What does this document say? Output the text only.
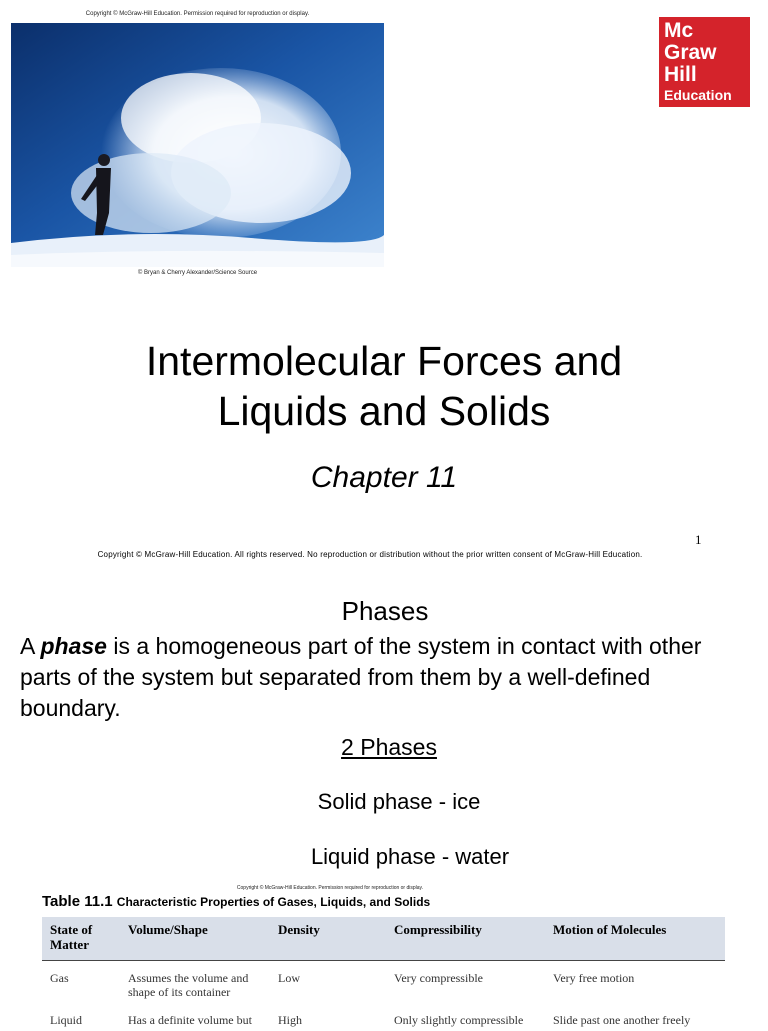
Copyright © McGraw-Hill Education. Permission required for reproduction or display.
© Bryan & Cherry Alexander/Science Source
Mc
Graw
Hill
Education
Intermolecular Forces and
Liquids and Solids
Chapter 11
1
Copyright © McGraw-Hill Education. All rights reserved. No reproduction or distribution without the prior written consent of McGraw-Hill Education.
Phases
A phase is a homogeneous part of the system in contact with other parts of the system but separated from them by a well-defined boundary.
2 Phases
Solid phase - ice
Liquid phase - water
Copyright © McGraw-Hill Education. Permission required for reproduction or display.
Table 11.1 Characteristic Properties of Gases, Liquids, and Solids
State of Matter	Volume/Shape	Density	Compressibility	Motion of Molecules
Gas	Assumes the volume and shape of its container	Low	Very compressible	Very free motion
Liquid	Has a definite volume but	High	Only slightly compressible	Slide past one another freely
